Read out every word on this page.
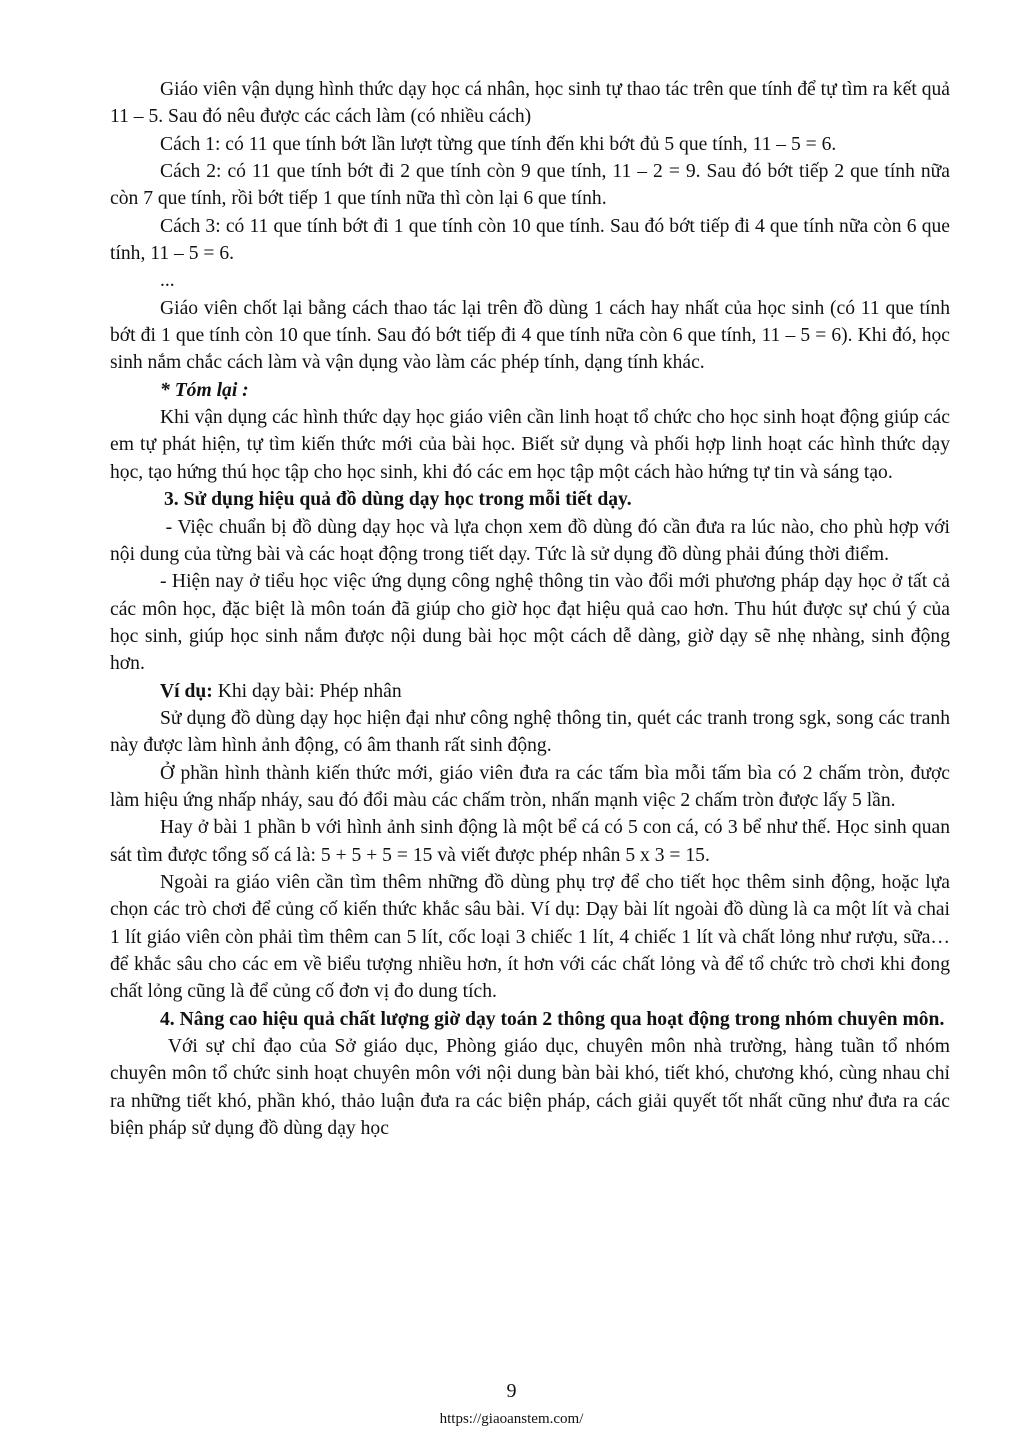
Giáo viên vận dụng hình thức dạy học cá nhân, học sinh tự thao tác trên que tính để tự tìm ra kết quả 11 – 5. Sau đó nêu được các cách làm (có nhiều cách)

Cách 1: có 11 que tính bớt lần lượt từng que tính đến khi bớt đủ 5 que tính, 11 – 5 = 6.

Cách 2: có 11 que tính bớt đi 2 que tính còn 9 que tính, 11 – 2 = 9. Sau đó bớt tiếp 2 que tính nữa còn 7 que tính, rồi bớt tiếp 1 que tính nữa thì còn lại 6 que tính.

Cách 3: có 11 que tính bớt đi 1 que tính còn 10 que tính. Sau đó bớt tiếp đi 4 que tính nữa còn 6 que tính, 11 – 5 = 6.

...

Giáo viên chốt lại bằng cách thao tác lại trên đồ dùng 1 cách hay nhất của học sinh (có 11 que tính bớt đi 1 que tính còn 10 que tính. Sau đó bớt tiếp đi 4 que tính nữa còn 6 que tính, 11 – 5 = 6). Khi đó, học sinh nắm chắc cách làm và vận dụng vào làm các phép tính, dạng tính khác.

* Tóm lại :

Khi vận dụng các hình thức dạy học giáo viên cần linh hoạt tổ chức cho học sinh hoạt động giúp các em tự phát hiện, tự tìm kiến thức mới của bài học. Biết sử dụng và phối hợp linh hoạt các hình thức dạy học, tạo hứng thú học tập cho học sinh, khi đó các em học tập một cách hào hứng tự tin và sáng tạo.

3. Sử dụng hiệu quả đồ dùng dạy học trong mỗi tiết dạy.

- Việc chuẩn bị đồ dùng dạy học và lựa chọn xem đồ dùng đó cần đưa ra lúc nào, cho phù hợp với nội dung của từng bài và các hoạt động trong tiết dạy. Tức là sử dụng đồ dùng phải đúng thời điểm.

- Hiện nay ở tiểu học việc ứng dụng công nghệ thông tin vào đổi mới phương pháp dạy học ở tất cả các môn học, đặc biệt là môn toán đã giúp cho giờ học đạt hiệu quả cao hơn. Thu hút được sự chú ý của học sinh, giúp học sinh nắm được nội dung bài học một cách dễ dàng, giờ dạy sẽ nhẹ nhàng, sinh động hơn.

Ví dụ: Khi dạy bài: Phép nhân

Sử dụng đồ dùng dạy học hiện đại như công nghệ thông tin, quét các tranh trong sgk, song các tranh này được làm hình ảnh động, có âm thanh rất sinh động.

Ở phần hình thành kiến thức mới, giáo viên đưa ra các tấm bìa mỗi tấm bìa có 2 chấm tròn, được làm hiệu ứng nhấp nháy, sau đó đổi màu các chấm tròn, nhấn mạnh việc 2 chấm tròn được lấy 5 lần.

Hay ở bài 1 phần b với hình ảnh sinh động là một bể cá có 5 con cá, có 3 bể như thế. Học sinh quan sát tìm được tổng số cá là: 5 + 5 + 5 = 15 và viết được phép nhân 5 x 3 = 15.

Ngoài ra giáo viên cần tìm thêm những đồ dùng phụ trợ để cho tiết học thêm sinh động, hoặc lựa chọn các trò chơi để củng cố kiến thức khắc sâu bài. Ví dụ: Dạy bài lít ngoài đồ dùng là ca một lít và chai 1 lít giáo viên còn phải tìm thêm can 5 lít, cốc loại 3 chiếc 1 lít, 4 chiếc 1 lít và chất lỏng như rượu, sữa… để khắc sâu cho các em về biểu tượng nhiều hơn, ít hơn với các chất lỏng và để tổ chức trò chơi khi đong chất lỏng cũng là để củng cố đơn vị đo dung tích.

4. Nâng cao hiệu quả chất lượng giờ dạy toán 2 thông qua hoạt động trong nhóm chuyên môn.

Với sự chỉ đạo của Sở giáo dục, Phòng giáo dục, chuyên môn nhà trường, hàng tuần tổ nhóm chuyên môn tổ chức sinh hoạt chuyên môn với nội dung bàn bài khó, tiết khó, chương khó, cùng nhau chỉ ra những tiết khó, phần khó, thảo luận đưa ra các biện pháp, cách giải quyết tốt nhất cũng như đưa ra các biện pháp sử dụng đồ dùng dạy học

9
https://giaoanstem.com/
